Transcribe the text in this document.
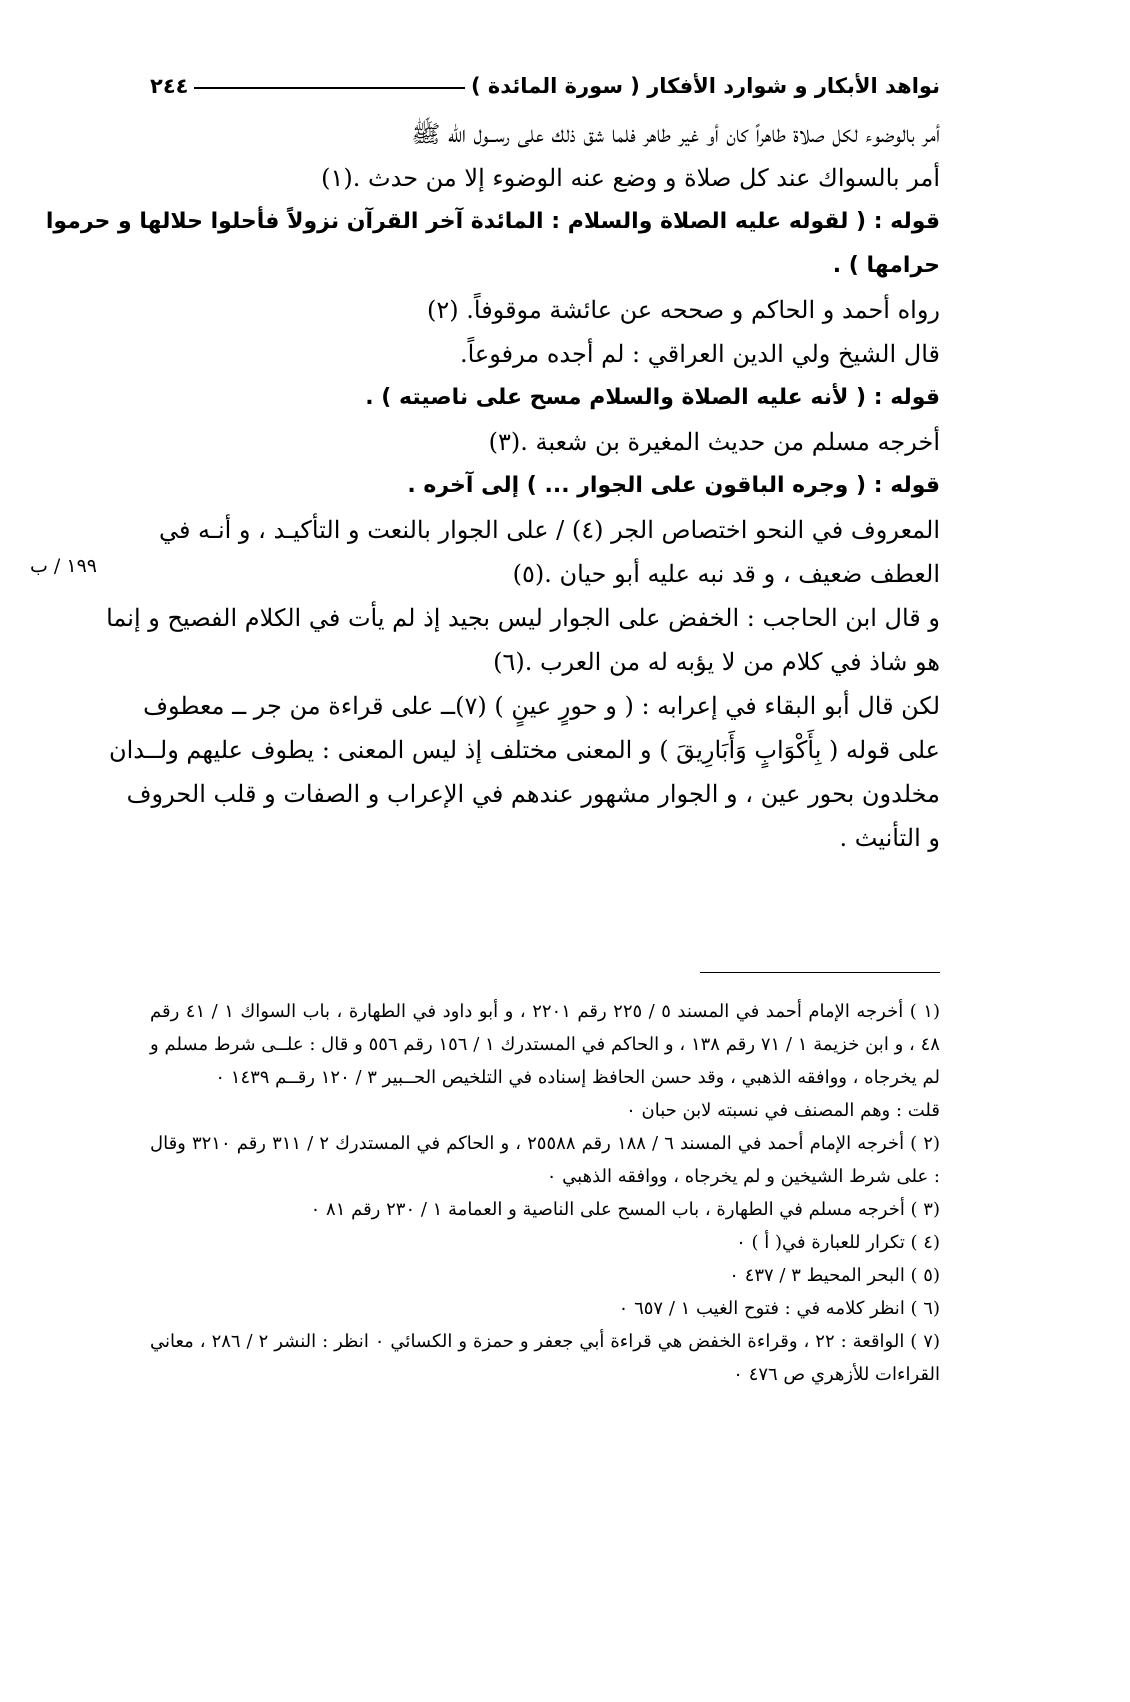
نواهد الأبكار و شوارد الأفكار ( سورة المائدة )
٢٤٤
١٩٩ / ب

أمر بالوضوء لكل صلاة طاهراً كان أو غير طاهر فلما شق ذلك على رســول الله ﷺ

أمر بالسواك عند كل صلاة و وضع عنه الوضوء إلا من حدث .(١)

قوله : ( لقوله عليه الصلاة والسلام : المائدة آخر القرآن نزولاً فأحلوا حلالها و حرموا

حرامها ) .

رواه أحمد و الحاكم و صححه عن عائشة موقوفاً. (٢)

قال الشيخ ولي الدين العراقي : لم أجده مرفوعاً.

قوله : ( لأنه عليه الصلاة والسلام مسح على ناصيته ) .

أخرجه مسلم من حديث المغيرة بن شعبة .(٣)

قوله : ( وجره الباقون على الجوار ... ) إلى آخره .

المعروف في النحو اختصاص الجر (٤) / على الجوار بالنعت و التأكيـد ، و أنـه في

العطف ضعيف ، و قد نبه عليه أبو حيان .(٥)

و قال ابن الحاجب : الخفض على الجوار ليس بجيد إذ لم يأت في الكلام الفصيح و إنما

هو شاذ في كلام من لا يؤبه له من العرب .(٦)

لكن قال أبو البقاء في إعرابه : ( و حورٍ عينٍ ) (٧)ــ على قراءة من جر ــ معطوف

على قوله ( بِأَكْوَابٍ وَأَبَارِيقَ ) و المعنى مختلف إذ ليس المعنى : يطوف عليهم ولــدان

مخلدون بحور عين ، و الجوار مشهور عندهم في الإعراب و الصفات و قلب الحروف

و التأنيث .

(١ ) أخرجه الإمام أحمد في المسند ٥ / ٢٢٥ رقم ٢٢٠١ ، و أبو داود في الطهارة ، باب السواك ١ / ٤١ رقم ٤٨ ، و ابن خزيمة ١ / ٧١ رقم ١٣٨ ، و الحاكم في المستدرك ١ / ١٥٦ رقم ٥٥٦ و قال : علــى شرط مسلم و لم يخرجاه ، ووافقه الذهبي ، وقد حسن الحافظ إسناده في التلخيص الحــبير ٣ / ١٢٠ رقــم ١٤٣٩ ٠

قلت : وهم المصنف في نسبته لابن حبان ٠

(٢ ) أخرجه الإمام أحمد في المسند ٦ / ١٨٨ رقم ٢٥٥٨٨ ، و الحاكم في المستدرك ٢ / ٣١١ رقم ٣٢١٠ وقال : على شرط الشيخين و لم يخرجاه ، ووافقه الذهبي ٠

(٣ ) أخرجه مسلم في الطهارة ، باب المسح على الناصية و العمامة ١ / ٢٣٠ رقم ٨١ ٠

(٤ ) تكرار للعبارة في( أ ) ٠

(٥ ) البحر المحيط ٣ / ٤٣٧ ٠

(٦ ) انظر كلامه في : فتوح الغيب ١ / ٦٥٧ ٠

(٧ ) الواقعة : ٢٢ ، وقراءة الخفض هي قراءة أبي جعفر و حمزة و الكسائي ٠ انظر : النشر ٢ / ٢٨٦ ، معاني القراءات للأزهري ص ٤٧٦ ٠
